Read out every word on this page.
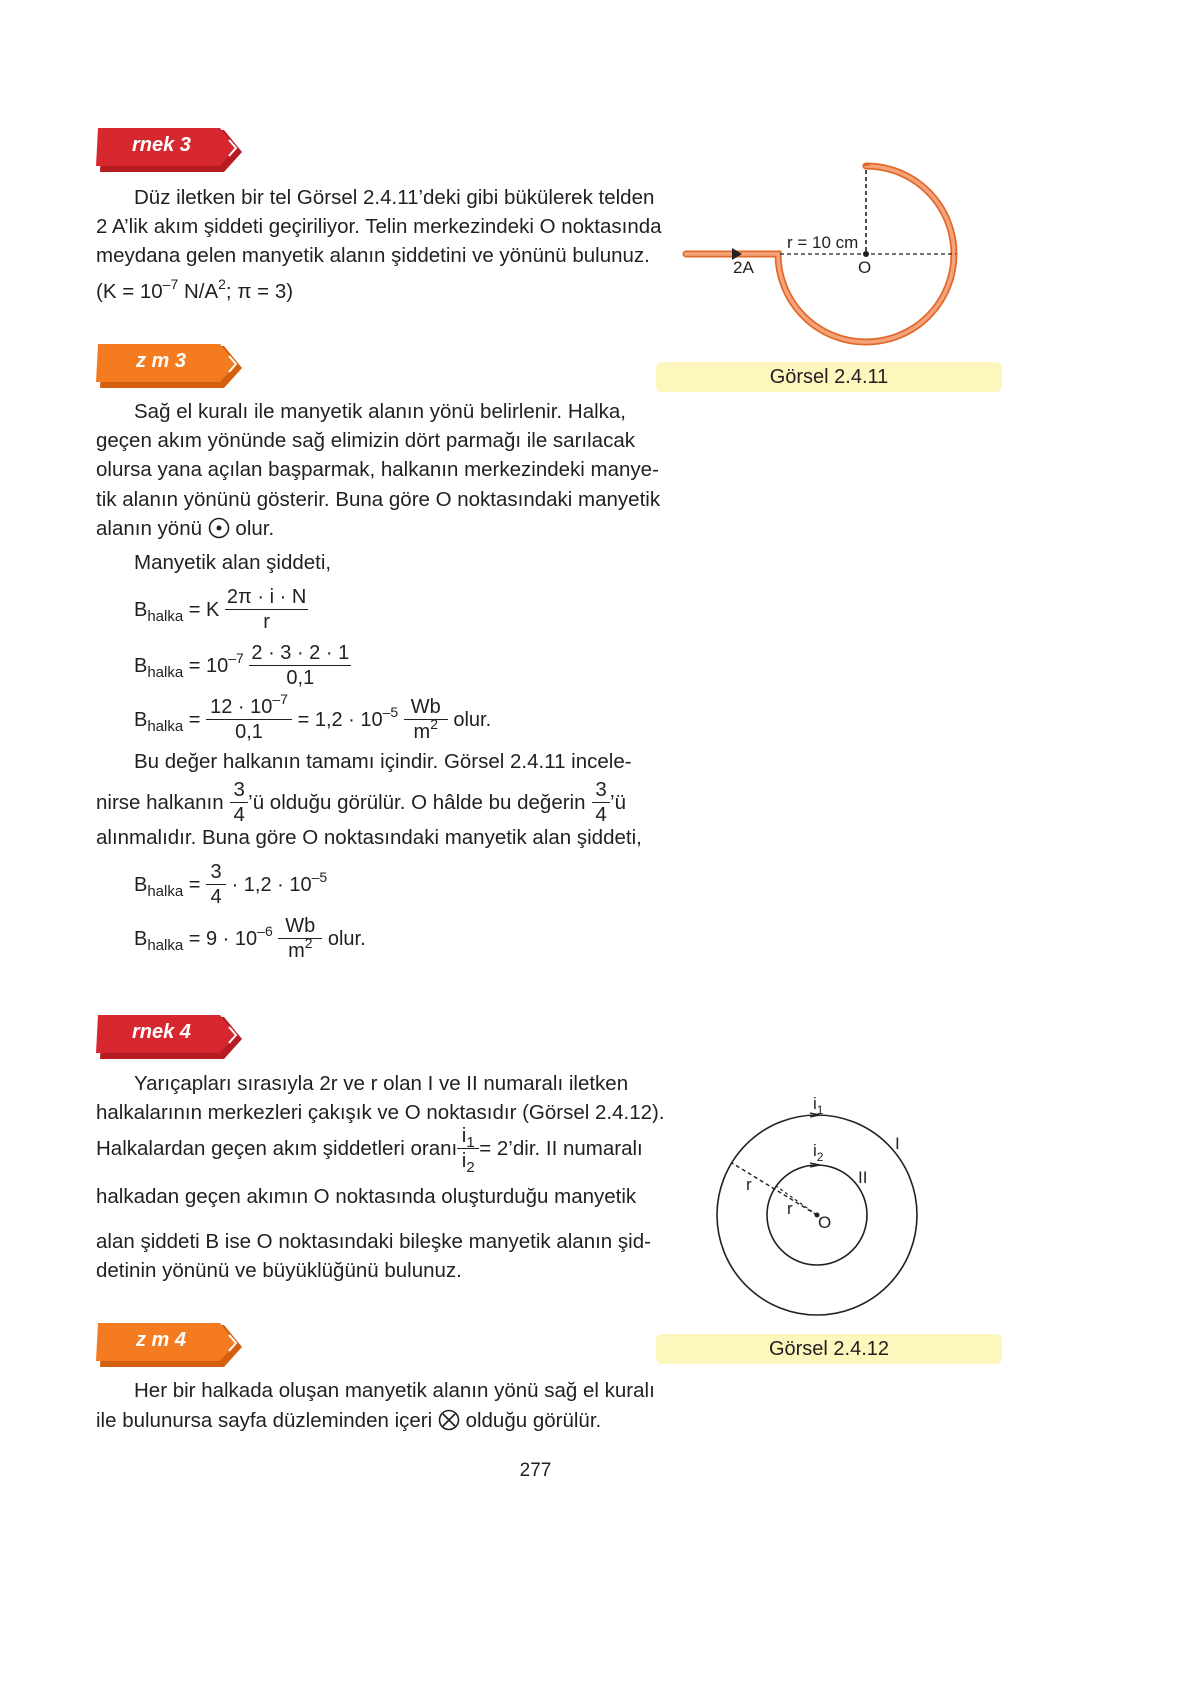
rnek 3
Düz iletken bir tel Görsel 2.4.11’deki gibi bükülerek telden
2 A’lik akım şiddeti geçiriliyor. Telin merkezindeki O noktasında
meydana gelen manyetik alanın şiddetini ve yönünü bulunuz.
($K = 10^{-7}$ $N/A^2$; π = 3)
r = 10 cm
2A	O
Görsel 2.4.11
z m 3
Sağ el kuralı ile manyetik alanın yönü belirlenir. Halka,
geçen akım yönünde sağ elimizin dört parmağı ile sarılacak
olursa yana açılan başparmak, halkanın merkezindeki manye-
tik alanın yönünü gösterir. Buna göre O noktasındaki manyetik
alanın yönü olur.
Manyetik alan şiddeti,
$B_{halka} = K \frac{2\pi \cdot i \cdot N}{r}$
$B_{halka} = 10^{-7} \frac{2 \cdot 3 \cdot 2 \cdot 1}{0,1}$
$B_{halka} = \frac{12 \cdot 10^{-7}}{0,1} = 1,2 \cdot 10^{-5} \frac{Wb}{m^2}$ olur.
Bu değer halkanın tamamı içindir. Görsel 2.4.11 incele-
nirse halkanın $\frac{3}{4}$ ’ü olduğu görülür. O hâlde bu değerin $\frac{3}{4}$ ’ü
alınmalıdır. Buna göre O noktasındaki manyetik alan şiddeti,
$B_{halka} = \frac{3}{4} \cdot 1,2 \cdot 10^{-5}$
$B_{halka} = 9 \cdot 10^{-6} \frac{Wb}{m^2}$ olur.
rnek 4
Yarıçapları sırasıyla 2r ve r olan I ve II numaralı iletken
halkalarının merkezleri çakışık ve O noktasıdır (Görsel 2.4.12).
Halkalardan geçen akım şiddetleri oranı $\frac{i_1}{i_2}$ = 2’dir. II numaralı
halkadan geçen akımın O noktasında oluşturduğu manyetik
alan şiddeti B ise O noktasındaki bileşke manyetik alanın şid-
detinin yönünü ve büyüklüğünü bulunuz.
$i_1$
$i_2$
I
II
r
r
O
Görsel 2.4.12
z m 4
Her bir halkada oluşan manyetik alanın yönü sağ el kuralı
ile bulunursa sayfa düzleminden içeri olduğu görülür.
277
